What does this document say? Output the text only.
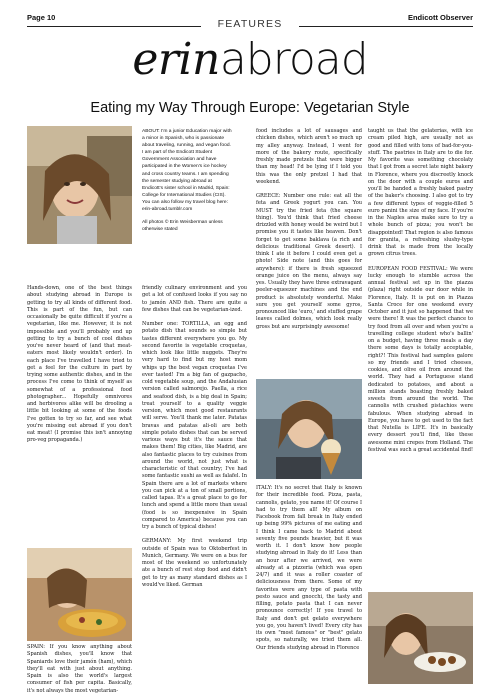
Page 10	Endicott Observer
FEATURES
erinabroad
Eating my Way Through Europe: Vegetarian Style

ABOUT: I'm a junior Education major with a minor in Spanish, who is passionate about traveling, running, and vegan food. I am part of the Endicott Student Government Association and have participated in the Women's ice hockey and cross country teams. I am spending the semester studying abroad at Endicott's sister school in Madrid, Spain: College for International Studies (CIS). You can also follow my travel blog here: erin-abroad.tumblr.com

All photos © Erin Weisberman unless otherwise stated

Hands-down, one of the best things about studying abroad in Europe is getting to try all kinds of different food. This is part of the fun, but can occasionally be quite difficult if you're a vegetarian, like me. However, it is not impossible and you'll probably end up getting to try a bunch of cool dishes you've never heard of (and that meat-eaters most likely wouldn't order). In each place I've travelled I have tried to get a feel for the culture in part by trying some authentic dishes, and in the process I've come to think of myself as somewhat of a professional food photographer... Hopefully omnivores and herbivores alike will be drooling a little bit looking at some of the foods I've gotten to try so far, and see what you're missing out abroad if you don't eat meat! (I promise this isn't annoying pro-veg propaganda.)

SPAIN: If you know anything about Spanish dishes, you'll know that Spaniards love their jamón (ham), which they'll eat with just about anything. Spain is also the world's largest consumer of fish per capita. Basically, it's not always the most vegetarian-

friendly culinary environment and you get a lot of confused looks if you say no to jamón AND fish. There are quite a few dishes that can be vegetarian-ized.

Number one: TORTILLA, an egg and potato dish that sounds so simple but tastes different everywhere you go. My second favorite is vegetable croquetas, which look like little nuggets. They're very hard to find but my host mom whips up the best vegan croquetas I've ever tasted! I'm a big fan of gazpacho, cold vegetable soup, and the Andalusian version called salmorejo. Paella, a rice and seafood dish, is a big deal in Spain; treat yourself to a quality veggie version, which most good restaurants will serve. You'll thank me later. Patatas bravas and patatas ali-oli are both simple potato dishes that can be served various ways but it's the sauce that makes them! Big cities, like Madrid, are also fantastic places to try cuisines from around the world, not just what is characteristic of that country; I've had some fantastic sushi as well as falafel. In Spain there are a lot of markets where you can pick at a ton of small portions, called tapas. It's a great place to go for lunch and spend a little more than usual (food is so inexpensive in Spain compared to America) because you can try a bunch of typical dishes!

GERMANY: My first weekend trip outside of Spain was to Oktoberfest in Munich, Germany. We were on a bus for most of the weekend so unfortunately ate a bunch of rest stop food and didn't get to try as many standard dishes as I would've liked. German

food includes a lot of sausages and chicken dishes, which aren't so much up my alley anyway. Instead, I went for more of the bakery route, specifically freshly made pretzels that were bigger than my head! I'd be lying if I told you this was the only pretzel I had that weekend.

GREECE: Number one rule: eat all the feta and Greek yogurt you can. You MUST try the fried feta (the square thing). You'd think that fried cheese drizzled with honey would be weird but I promise you it tastes like heaven. Don't forget to get some baklava (a rich and delicious traditional Greek desert). I think I ate it before I could even get a photo! Side note (and this goes for anywhere): if there is fresh squeezed orange juice on the menu, always say yes. Usually they have three extravagant peeler-squeezer machines and the end product is absolutely wonderful. Make sure you get yourself some gyros, pronounced like 'euro,' and stuffed grape leaves called dolmes, which look really gross but are surprisingly awesome!

ITALY: It's no secret that Italy is known for their incredible food. Pizza, pasta, cannolis, gelato, you name it! Of course I had to try them all! My album on Facebook from fall break in Italy ended up being 99% pictures of me eating and I think I came back to Madrid about seventy five pounds heavier, but it was worth it. I don't know how people studying abroad in Italy do it! Less than an hour after we arrived, we were already at a pizzeria (which was open 24/7) and it was a roller coaster of deliciousness from there. Some of my favorites were any type of pasta with pesto sauce and gnocchi, the tasty and filling, potato pasta that I can never pronounce correctly! If you travel to Italy and don't get gelato everywhere you go, you haven't lived! Every city has its own "most famous" or "best" gelato spots, so naturally, we tried them all. Our friends studying abroad in Florence

taught us that the gelaterias, with ice cream piled high, are usually not as good and filled with tons of bad-for-you-stuff. The pastries in Italy are to die for. My favorite was something chocolaty that I got from a secret late night bakery in Florence, where you discreetly knock on the door with a couple euros and you'll be handed a freshly baked pastry of the baker's choosing. I also got to try a few different types of veggie-filled 5 euro panini the size of my face. If you're in the Naples area make sure to try a whole bunch of pizza; you won't be disappointed! That region is also famous for granita, a refreshing slushy-type drink that is made from the locally grown citrus trees.

EUROPEAN FOOD FESTIVAL: We were lucky enough to stumble across the annual festival set up in the piazza (plaza) right outside our door while in Florence, Italy. It is put on in Piazza Santa Croce for one weekend every October and it just so happened that we were there! It was the perfect chance to try food from all over and when you're a travelling college student who's ballin' on a budget, having three meals a day there some days is totally acceptable, right?! This festival had samples galore so my friends and I tried cheeses, cookies, and olive oil from around the world. They had a Portuguese stand dedicated to potatoes, and about a million stands boasting freshly baked sweets from around the world. The cannolis with crushed pistachios were fabulous. When studying abroad in Europe, you have to get used to the fact that Nutella is LIFE. It's in basically every dessert you'll find, like these awesome mini crepes from Holland. The festival was such a great accidental find!
